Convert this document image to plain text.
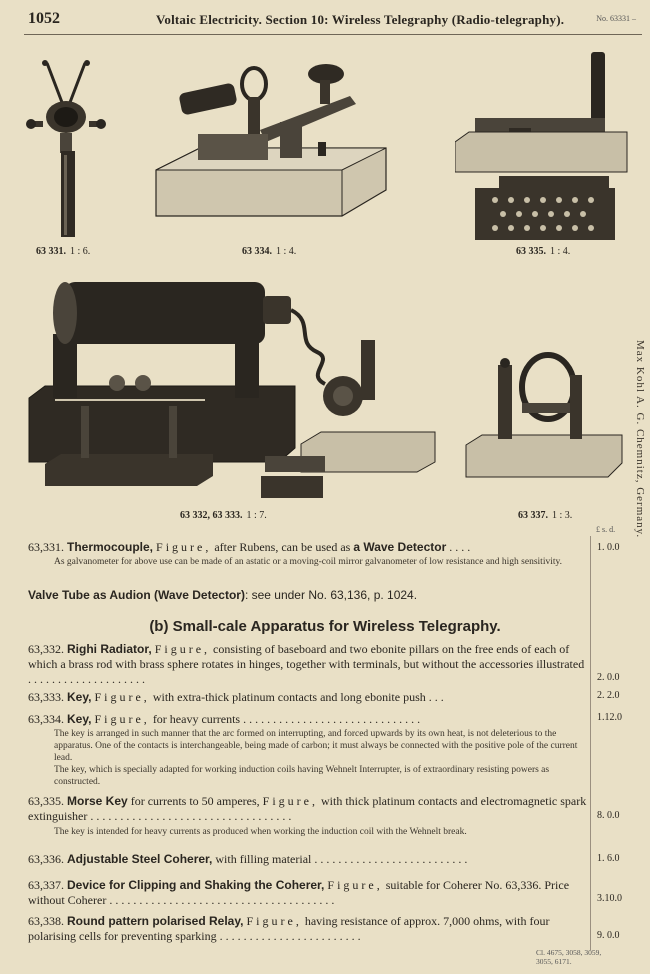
1052	Voltaic Electricity. Section 10: Wireless Telegraphy (Radio-telegraphy).	No. 63331 –
Max Kohl A. G. Chemnitz, Germany.
63 331. 1 : 6.	63 334. 1 : 4.	63 335. 1 : 4.
63 332, 63 333. 1 : 7.	63 337. 1 : 3.
£ s. d.
63,331. Thermocouple, Figure, after Rubens, can be used as a Wave Detector . . . .	1. 0.0
As galvanometer for above use can be made of an astatic or a moving-coil mirror galvanometer of low resistance and high sensitivity.
Valve Tube as Audion (Wave Detector): see under No. 63,136, p. 1024.
(b) Small-cale Apparatus for Wireless Telegraphy.
63,332. Righi Radiator, Figure, consisting of baseboard and two ebonite pillars on the free ends of each of which a brass rod with brass sphere rotates in hinges, together with terminals, but without the accessories illustrated . . . . . . . . . . . . . . . . . . . .	2. 0.0
63,333. Key, Figure, with extra-thick platinum contacts and long ebonite push . . .	2. 2.0
63,334. Key, Figure, for heavy currents . . . . . . . . . . . . . . . . . . . . . . . . . . . . . .	1.12.0
The key is arranged in such manner that the arc formed on interrupting, and forced upwards by its own heat, is not deleterious to the apparatus. One of the contacts is interchangeable, being made of carbon; it must always be connected with the positive pole of the current lead.
The key, which is specially adapted for working induction coils having Wehnelt Interrupter, is of extraordinary resisting powers as constructed.
63,335. Morse Key for currents to 50 amperes, Figure, with thick platinum contacts and electromagnetic spark extinguisher . . . . . . . . . . . . . . . . . . . . . . . . . . . . . . . . . .	8. 0.0
The key is intended for heavy currents as produced when working the induction coil with the Wehnelt break.
63,336. Adjustable Steel Coherer, with filling material . . . . . . . . . . . . . . . . . . . . . . . . . .	1. 6.0
63,337. Device for Clipping and Shaking the Coherer, Figure, suitable for Coherer No. 63,336. Price without Coherer . . . . . . . . . . . . . . . . . . . . . . . . . . . . . . . . . . . . . .	3.10.0
63,338. Round pattern polarised Relay, Figure, having resistance of approx. 7,000 ohms, with four polarising cells for preventing sparking . . . . . . . . . . . . . . . . . . . . . . . .	9. 0.0
Cl. 4675, 3058, 3059,
3055, 6171.
